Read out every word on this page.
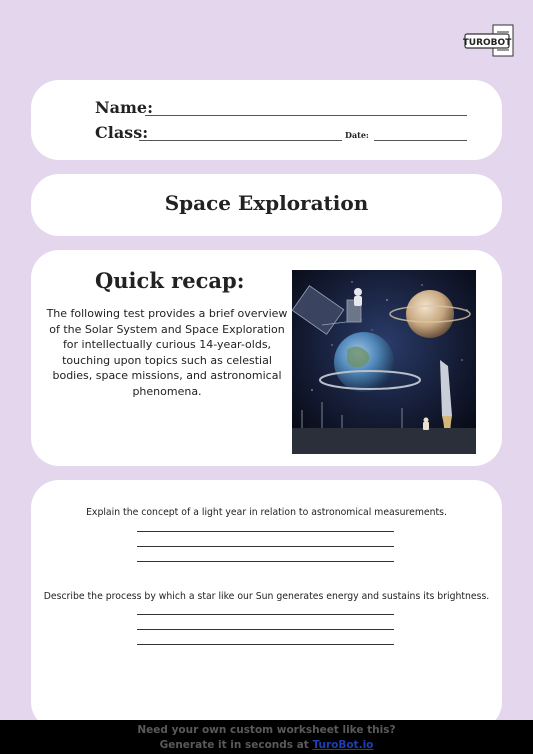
TUROBOT
Name:
Class:	Date:
Space Exploration
Quick recap:
The following test provides a brief overview of the Solar System and Space Exploration for intellectually curious 14-year-olds, touching upon topics such as celestial bodies, space missions, and astronomical phenomena.
Explain the concept of a light year in relation to astronomical measurements.
Describe the process by which a star like our Sun generates energy and sustains its brightness.
Need your own custom worksheet like this?
Generate it in seconds at TuroBot.io
